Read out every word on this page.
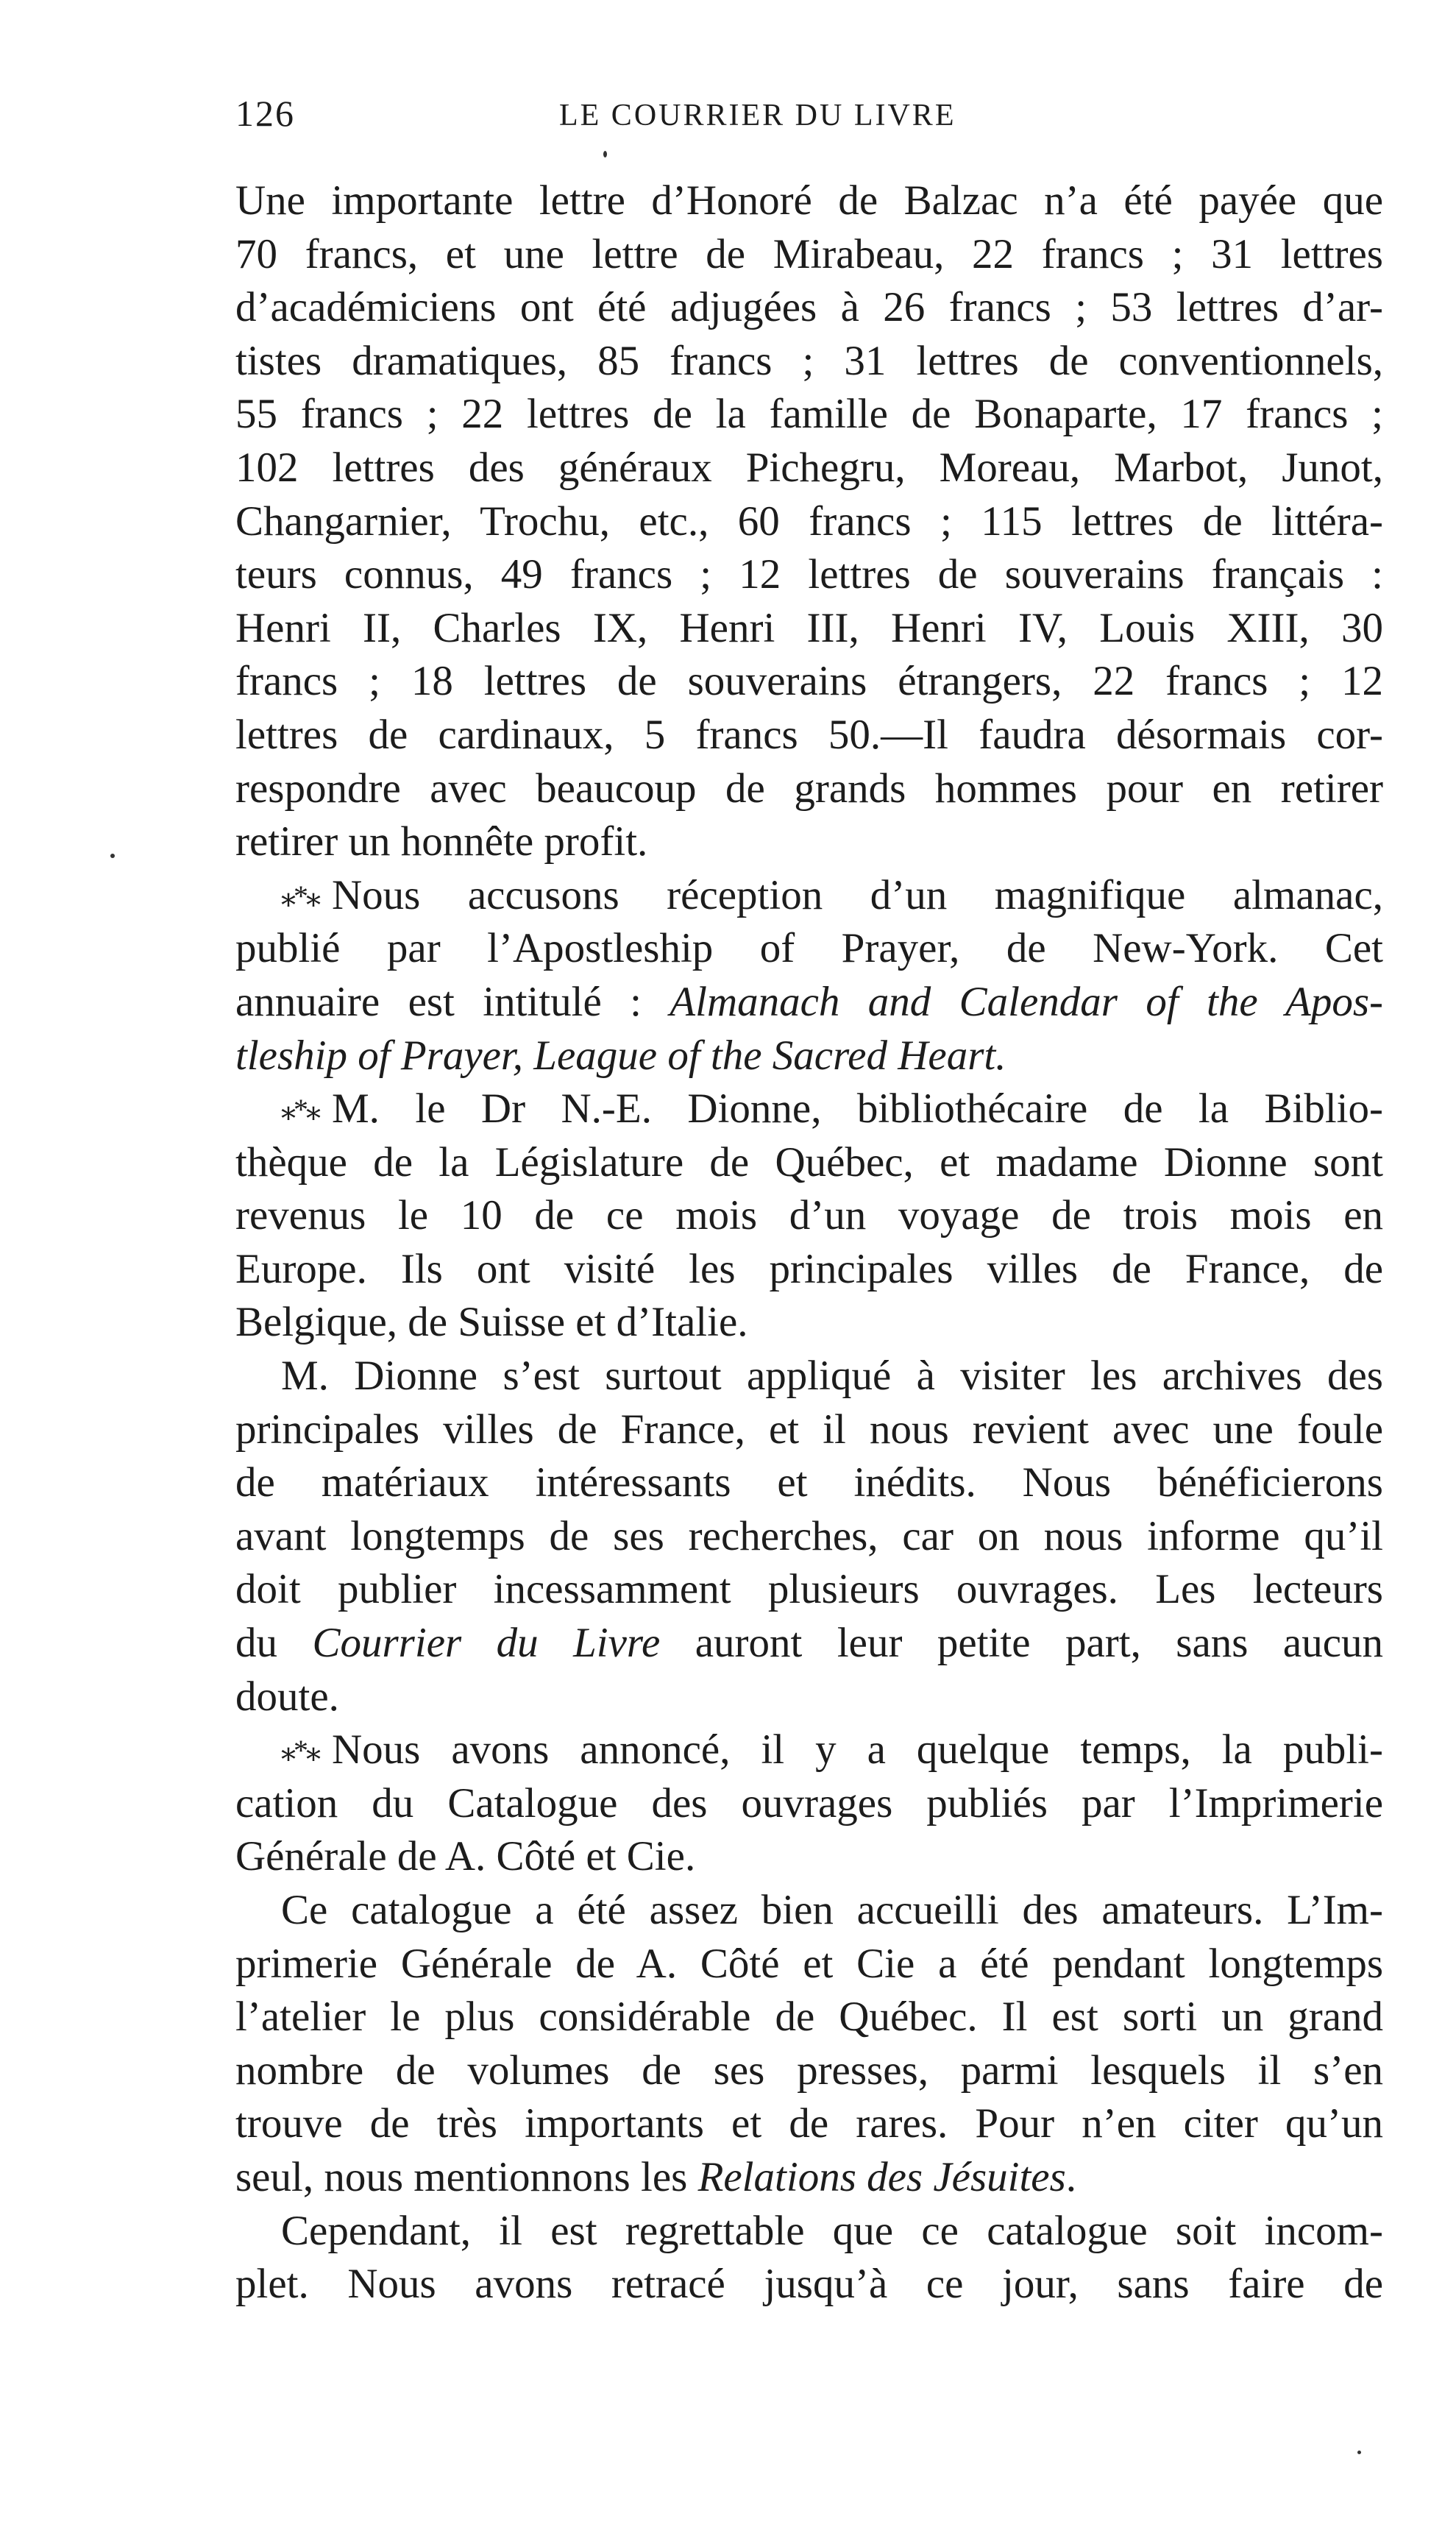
126	LE COURRIER DU LIVRE
Une importante lettre d’Honoré de Balzac n’a été payée que
70 francs, et une lettre de Mirabeau, 22 francs ; 31 lettres
d’académiciens ont été adjugées à 26 francs ; 53 lettres d’ar-
tistes dramatiques, 85 francs ; 31 lettres de conventionnels,
55 francs ; 22 lettres de la famille de Bonaparte, 17 francs ;
102 lettres des généraux Pichegru, Moreau, Marbot, Junot,
Changarnier, Trochu, etc., 60 francs ; 115 lettres de littéra-
teurs connus, 49 francs ; 12 lettres de souverains français :
Henri II, Charles IX, Henri III, Henri IV, Louis XIII, 30
francs ; 18 lettres de souverains étrangers, 22 francs ; 12
lettres de cardinaux, 5 francs 50.—Il faudra désormais cor-
respondre avec beaucoup de grands hommes pour en retirer
retirer un honnête profit.
⁎*⁎ Nous accusons réception d’un magnifique almanac,
publié par l’Apostleship of Prayer, de New-York. Cet
annuaire est intitulé : Almanach and Calendar of the Apos-
tleship of Prayer, League of the Sacred Heart.
⁎*⁎ M. le Dr N.-E. Dionne, bibliothécaire de la Biblio-
thèque de la Législature de Québec, et madame Dionne sont
revenus le 10 de ce mois d’un voyage de trois mois en
Europe. Ils ont visité les principales villes de France, de
Belgique, de Suisse et d’Italie.
M. Dionne s’est surtout appliqué à visiter les archives des
principales villes de France, et il nous revient avec une foule
de matériaux intéressants et inédits. Nous bénéficierons
avant longtemps de ses recherches, car on nous informe qu’il
doit publier incessamment plusieurs ouvrages. Les lecteurs
du Courrier du Livre auront leur petite part, sans aucun
doute.
⁎*⁎ Nous avons annoncé, il y a quelque temps, la publi-
cation du Catalogue des ouvrages publiés par l’Imprimerie
Générale de A. Côté et Cie.
Ce catalogue a été assez bien accueilli des amateurs. L’Im-
primerie Générale de A. Côté et Cie a été pendant longtemps
l’atelier le plus considérable de Québec. Il est sorti un grand
nombre de volumes de ses presses, parmi lesquels il s’en
trouve de très importants et de rares. Pour n’en citer qu’un
seul, nous mentionnons les Relations des Jésuites.
Cependant, il est regrettable que ce catalogue soit incom-
plet. Nous avons retracé jusqu’à ce jour, sans faire de
